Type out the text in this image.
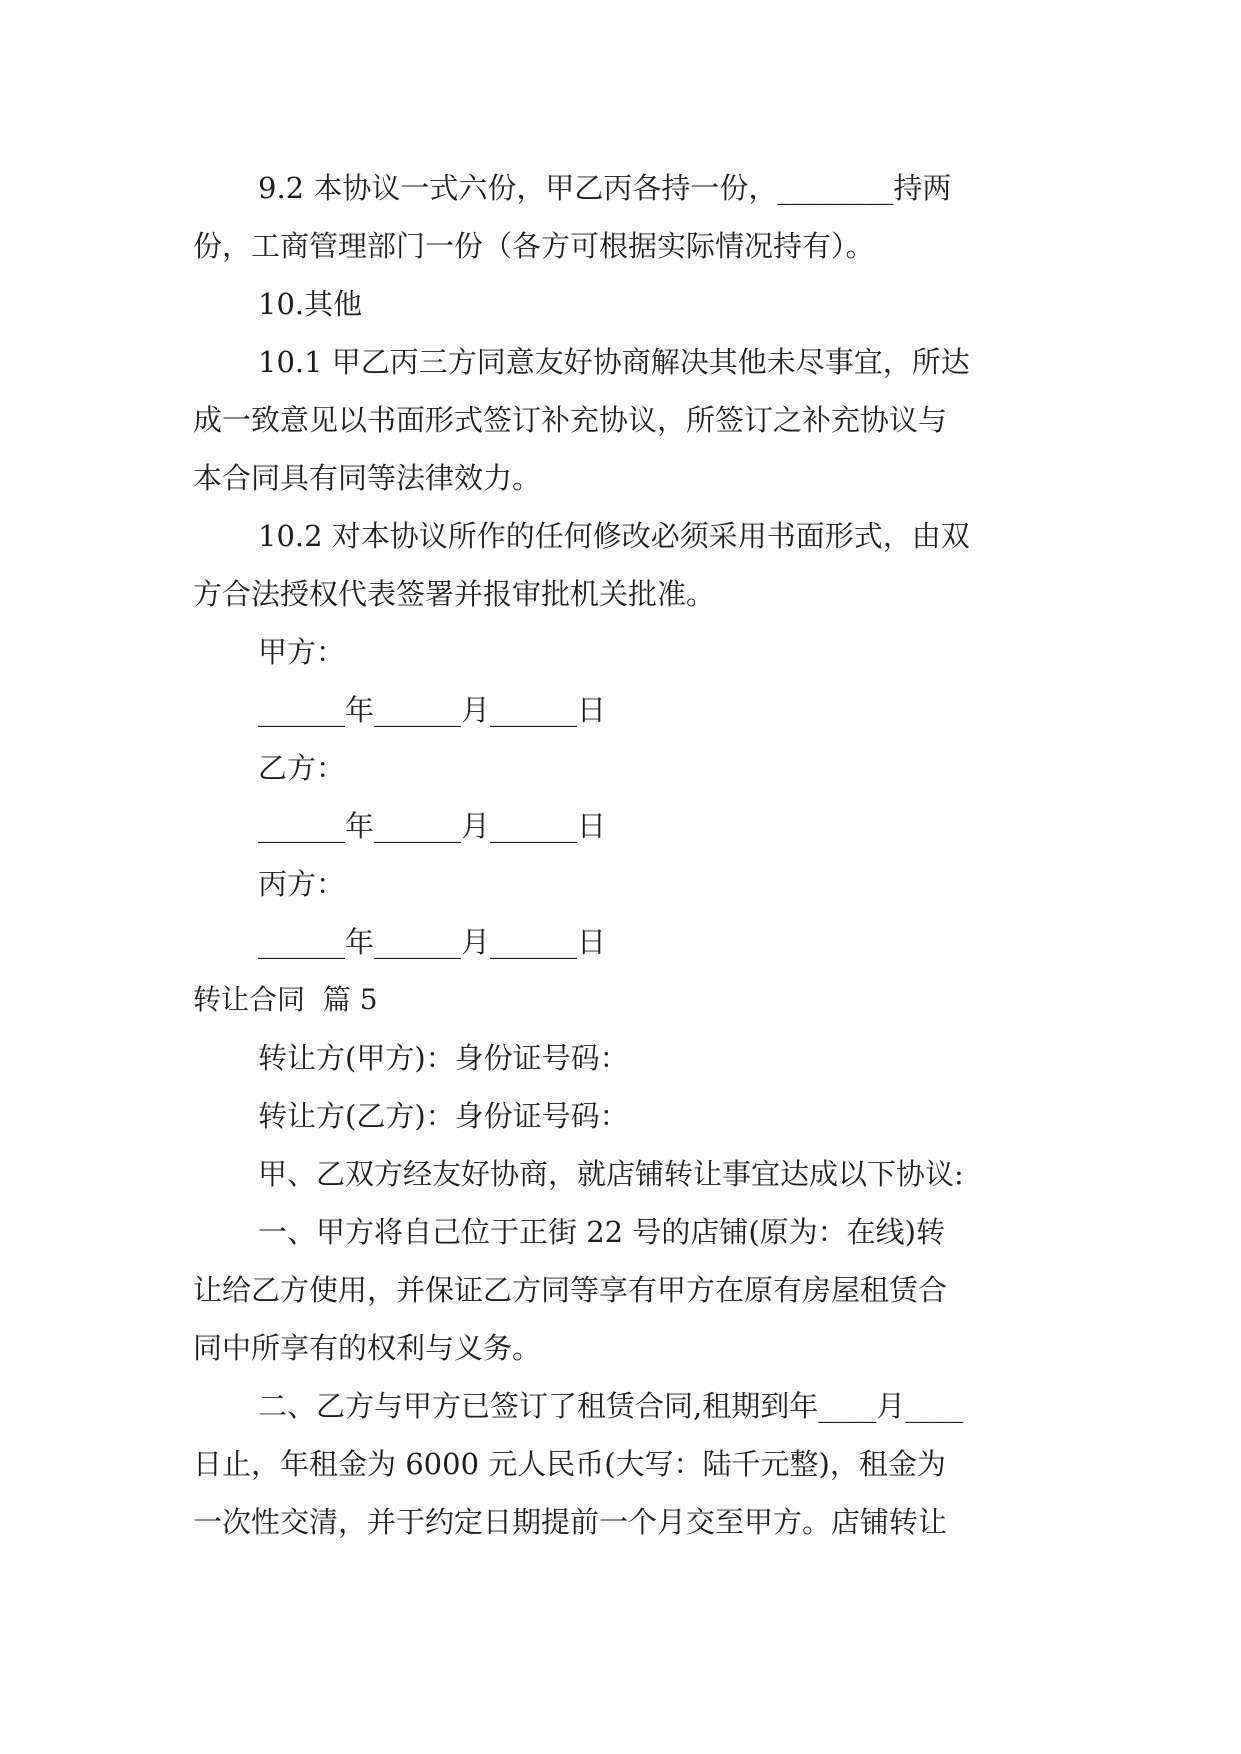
9.2 本协议一式六份，甲乙丙各持一份，________持两
份，工商管理部门一份（各方可根据实际情况持有）。
10.其他
10.1 甲乙丙三方同意友好协商解决其他未尽事宜，所达
成一致意见以书面形式签订补充协议，所签订之补充协议与
本合同具有同等法律效力。
10.2 对本协议所作的任何修改必须采用书面形式，由双
方合法授权代表签署并报审批机关批准。
甲方：
______年______月______日
乙方：
______年______月______日
丙方：
______年______月______日
转让合同  篇 5
转让方(甲方)：身份证号码：
转让方(乙方)：身份证号码：
甲、乙双方经友好协商，就店铺转让事宜达成以下协议:
一、甲方将自己位于正街 22 号的店铺(原为：在线)转
让给乙方使用，并保证乙方同等享有甲方在原有房屋租赁合
同中所享有的权利与义务。
二、乙方与甲方已签订了租赁合同,租期到年____月____
日止，年租金为 6000 元人民币(大写：陆千元整)，租金为
一次性交清，并于约定日期提前一个月交至甲方。店铺转让
